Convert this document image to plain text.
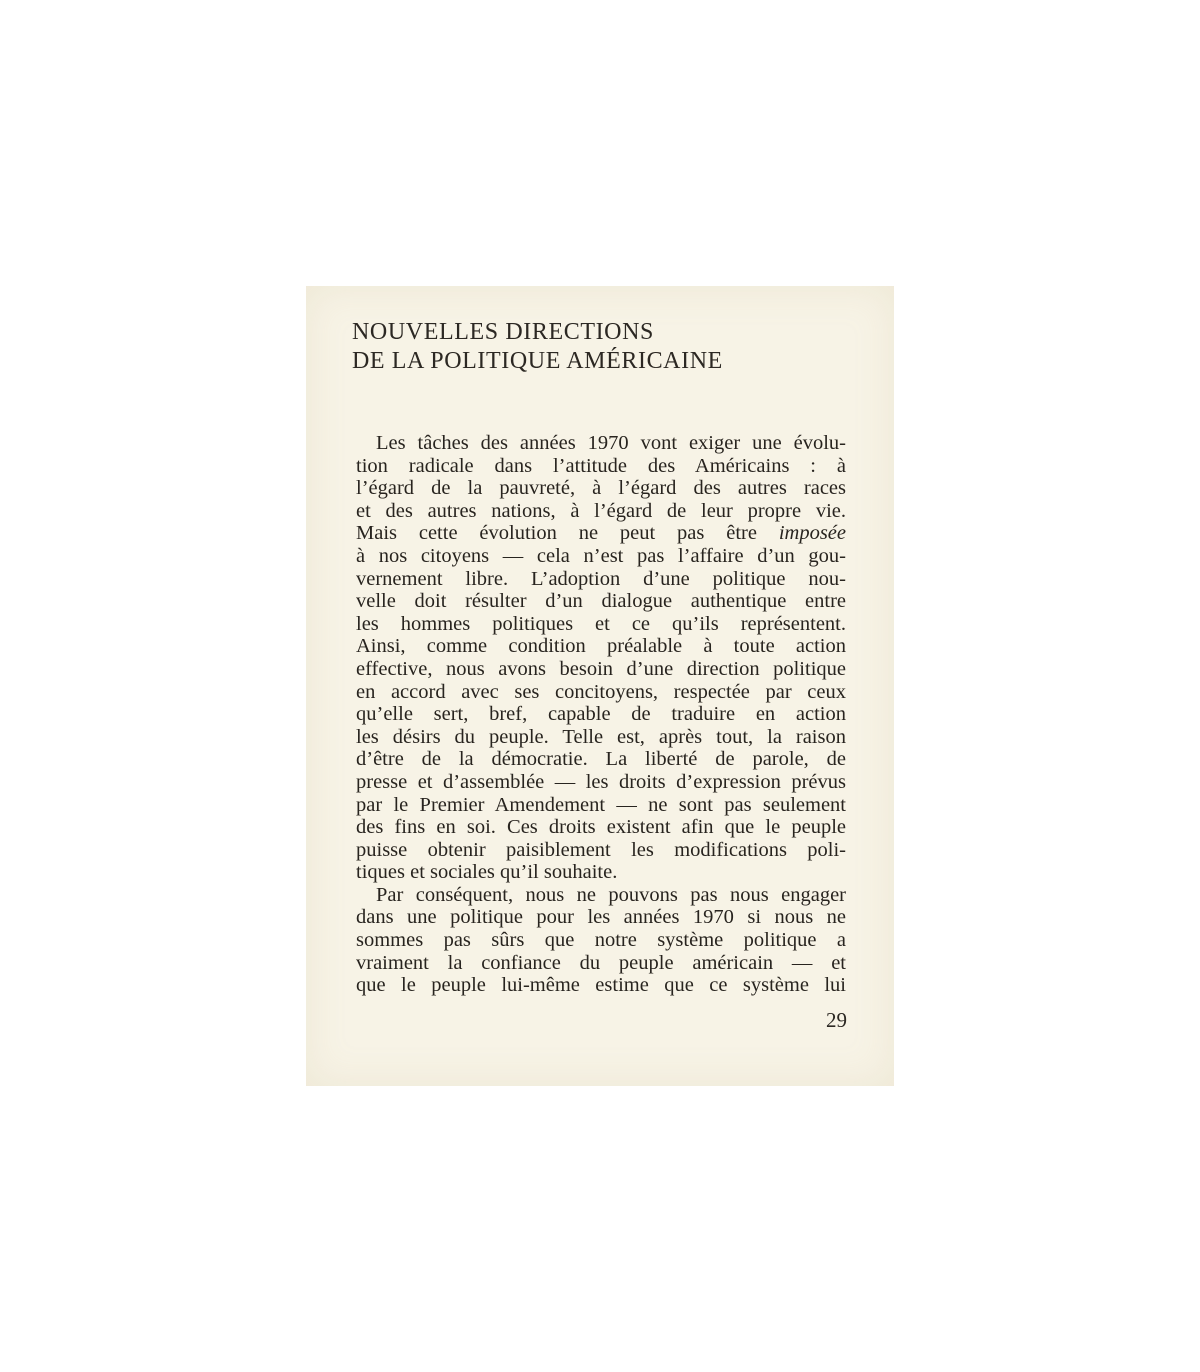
NOUVELLES DIRECTIONS
DE LA POLITIQUE AMÉRICAINE

Les tâches des années 1970 vont exiger une évolu-
tion radicale dans l’attitude des Américains : à
l’égard de la pauvreté, à l’égard des autres races
et des autres nations, à l’égard de leur propre vie.
Mais cette évolution ne peut pas être imposée
à nos citoyens — cela n’est pas l’affaire d’un gou-
vernement libre. L’adoption d’une politique nou-
velle doit résulter d’un dialogue authentique entre
les hommes politiques et ce qu’ils représentent.
Ainsi, comme condition préalable à toute action
effective, nous avons besoin d’une direction politique
en accord avec ses concitoyens, respectée par ceux
qu’elle sert, bref, capable de traduire en action
les désirs du peuple. Telle est, après tout, la raison
d’être de la démocratie. La liberté de parole, de
presse et d’assemblée — les droits d’expression prévus
par le Premier Amendement — ne sont pas seulement
des fins en soi. Ces droits existent afin que le peuple
puisse obtenir paisiblement les modifications poli-
tiques et sociales qu’il souhaite.

Par conséquent, nous ne pouvons pas nous engager
dans une politique pour les années 1970 si nous ne
sommes pas sûrs que notre système politique a
vraiment la confiance du peuple américain — et
que le peuple lui-même estime que ce système lui

29
